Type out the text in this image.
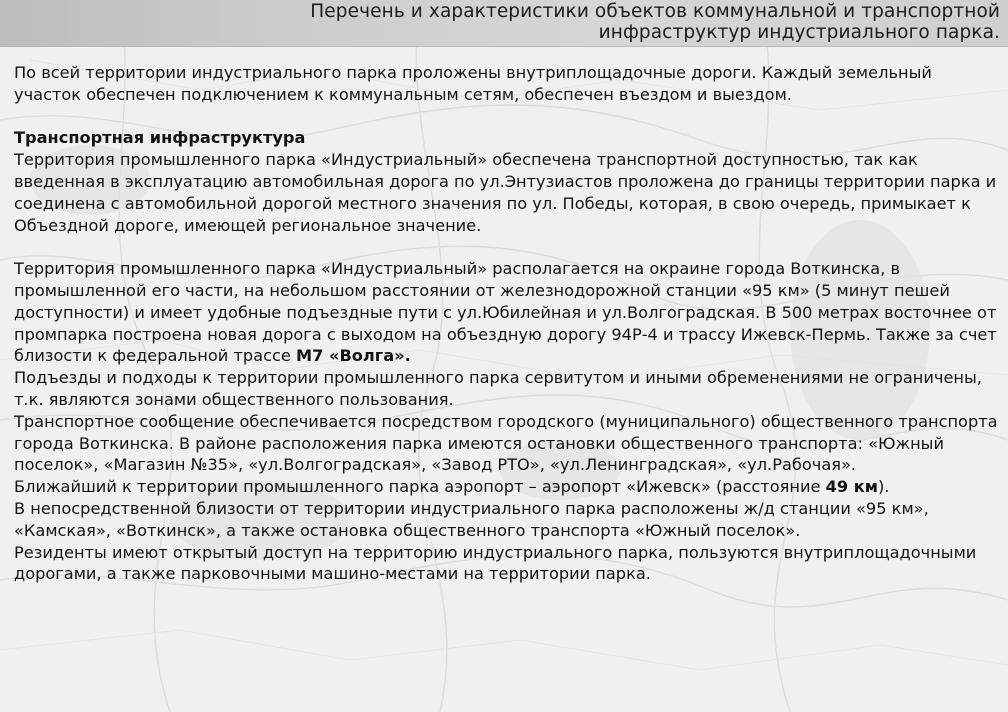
Перечень и характеристики объектов коммунальной и транспортной
инфраструктур индустриального парка.

По всей территории индустриального парка проложены внутриплощадочные дороги. Каждый земельный участок обеспечен подключением к коммунальным сетям, обеспечен въездом и выездом.

Транспортная инфраструктура

Территория промышленного парка «Индустриальный» обеспечена транспортной доступностью, так как введенная в эксплуатацию автомобильная дорога по ул.Энтузиастов проложена до границы территории парка и соединена с автомобильной дорогой местного значения по ул. Победы, которая, в свою очередь, примыкает к Объездной дороге, имеющей региональное значение.

Территория промышленного парка «Индустриальный» располагается на окраине города Воткинска, в промышленной его части, на небольшом расстоянии от железнодорожной станции «95 км» (5 минут пешей доступности) и имеет удобные подъездные пути с ул.Юбилейная и ул.Волгоградская. В 500 метрах восточнее от промпарка построена новая дорога с выходом на объездную дорогу 94Р-4 и трассу Ижевск-Пермь. Также за счет близости к федеральной трассе М7 «Волга».

Подъезды и подходы к территории промышленного парка сервитутом и иными обременениями не ограничены, т.к. являются зонами общественного пользования.

Транспортное сообщение обеспечивается посредством городского (муниципального) общественного транспорта города Воткинска. В районе расположения парка имеются остановки общественного транспорта: «Южный поселок», «Магазин №35», «ул.Волгоградская», «Завод РТО», «ул.Ленинградская», «ул.Рабочая».

Ближайший к территории промышленного парка аэропорт – аэропорт «Ижевск» (расстояние 49 км).

В непосредственной близости от территории индустриального парка расположены ж/д станции «95 км», «Камская», «Воткинск», а также остановка общественного транспорта «Южный поселок».

Резиденты имеют открытый доступ на территорию индустриального парка, пользуются внутриплощадочными дорогами, а также парковочными машино-местами на территории парка.
